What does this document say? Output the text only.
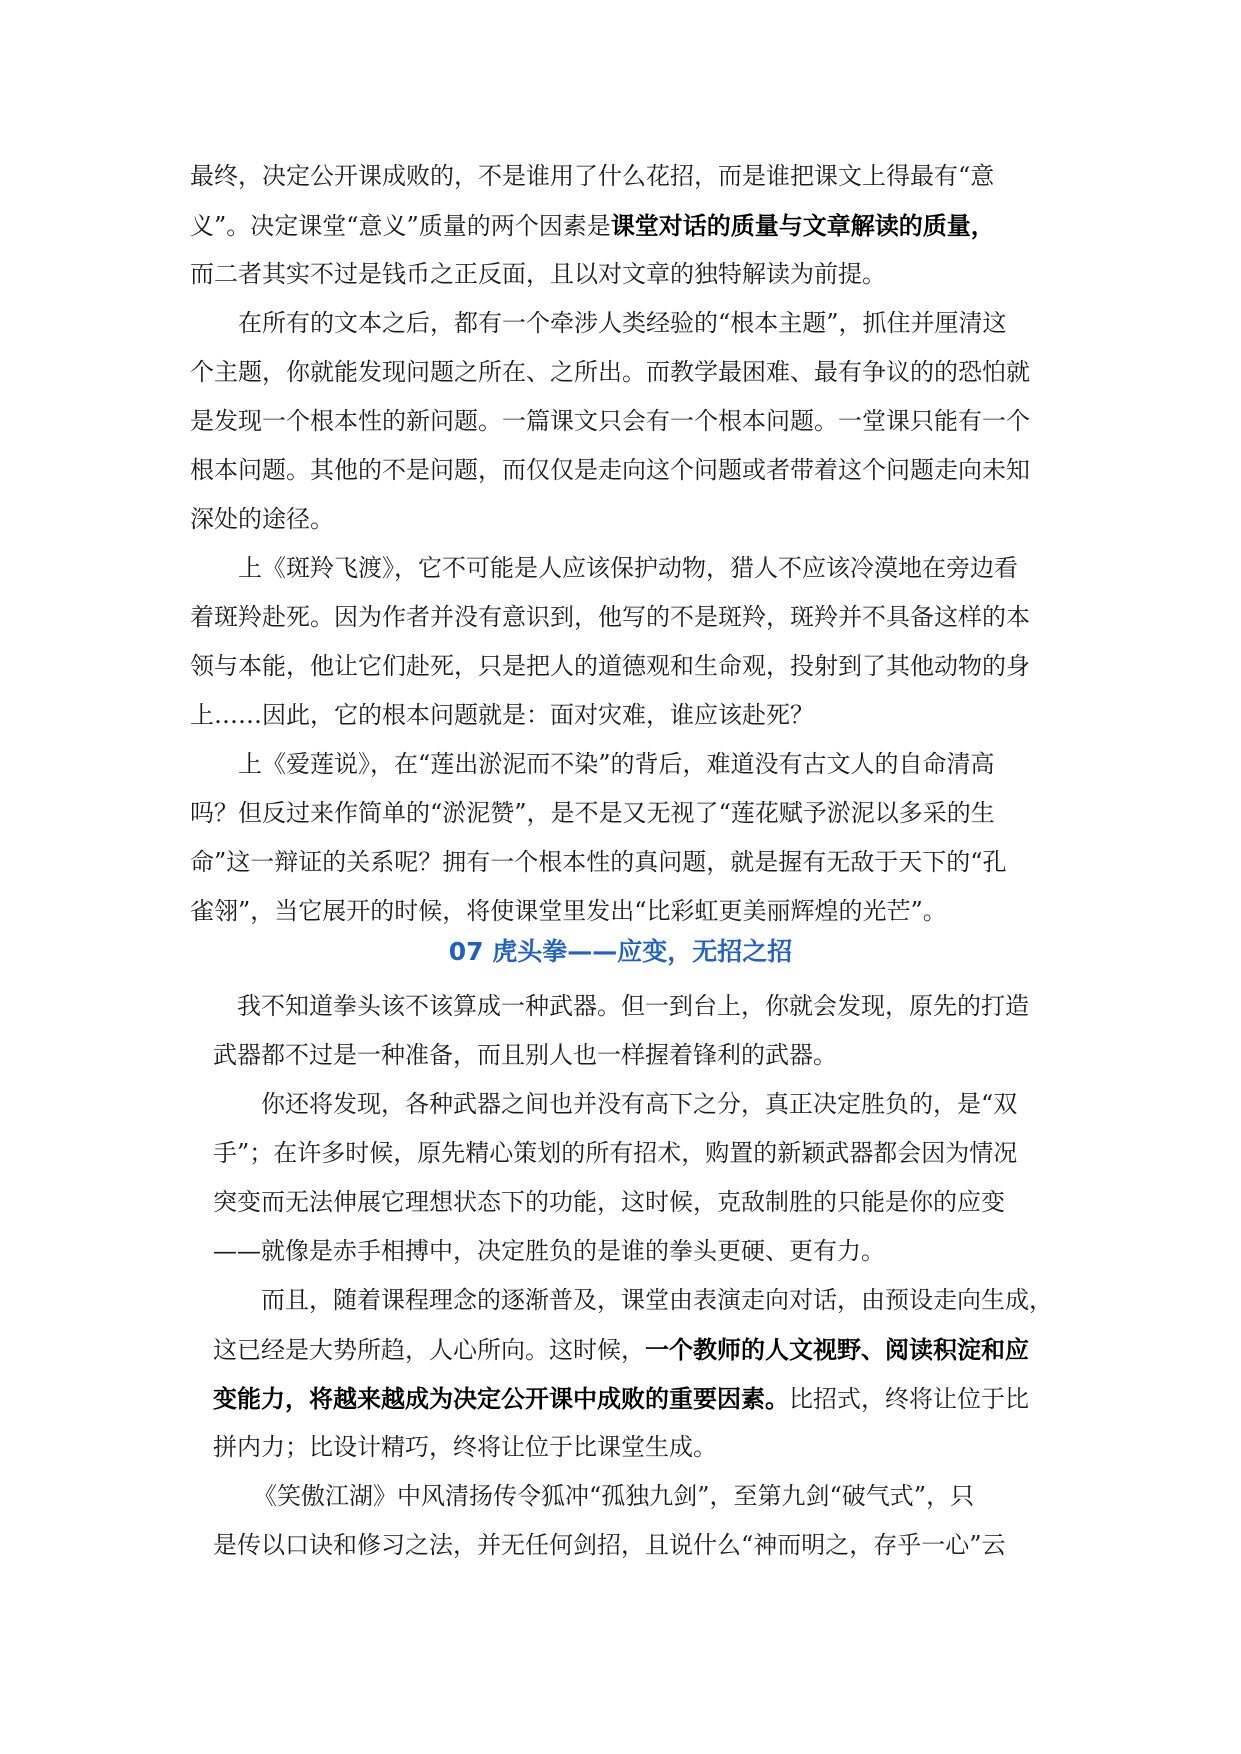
最终，决定公开课成败的，不是谁用了什么花招，而是谁把课文上得最有“意
义”。决定课堂“意义”质量的两个因素是课堂对话的质量与文章解读的质量，
而二者其实不过是钱币之正反面，且以对文章的独特解读为前提。
在所有的文本之后，都有一个牵涉人类经验的“根本主题”，抓住并厘清这
个主题，你就能发现问题之所在、之所出。而教学最困难、最有争议的的恐怕就
是发现一个根本性的新问题。一篇课文只会有一个根本问题。一堂课只能有一个
根本问题。其他的不是问题，而仅仅是走向这个问题或者带着这个问题走向未知
深处的途径。
上《斑羚飞渡》，它不可能是人应该保护动物，猎人不应该冷漠地在旁边看
着斑羚赴死。因为作者并没有意识到，他写的不是斑羚，斑羚并不具备这样的本
领与本能，他让它们赴死，只是把人的道德观和生命观，投射到了其他动物的身
上……因此，它的根本问题就是：面对灾难，谁应该赴死？
上《爱莲说》，在“莲出淤泥而不染”的背后，难道没有古文人的自命清高
吗？但反过来作简单的“淤泥赞”，是不是又无视了“莲花赋予淤泥以多采的生
命”这一辩证的关系呢？拥有一个根本性的真问题，就是握有无敌于天下的“孔
雀翎”，当它展开的时候，将使课堂里发出“比彩虹更美丽辉煌的光芒”。
07 虎头拳——应变，无招之招
我不知道拳头该不该算成一种武器。但一到台上，你就会发现，原先的打造
武器都不过是一种准备，而且别人也一样握着锋利的武器。
你还将发现，各种武器之间也并没有高下之分，真正决定胜负的，是“双
手”；在许多时候，原先精心策划的所有招术，购置的新颖武器都会因为情况
突变而无法伸展它理想状态下的功能，这时候，克敌制胜的只能是你的应变
——就像是赤手相搏中，决定胜负的是谁的拳头更硬、更有力。
而且，随着课程理念的逐渐普及，课堂由表演走向对话，由预设走向生成，
这已经是大势所趋，人心所向。这时候，一个教师的人文视野、阅读积淀和应
变能力，将越来越成为决定公开课中成败的重要因素。比招式，终将让位于比
拼内力；比设计精巧，终将让位于比课堂生成。
《笑傲江湖》中风清扬传令狐冲“孤独九剑”，至第九剑“破气式”，只
是传以口诀和修习之法，并无任何剑招，且说什么“神而明之，存乎一心”云
